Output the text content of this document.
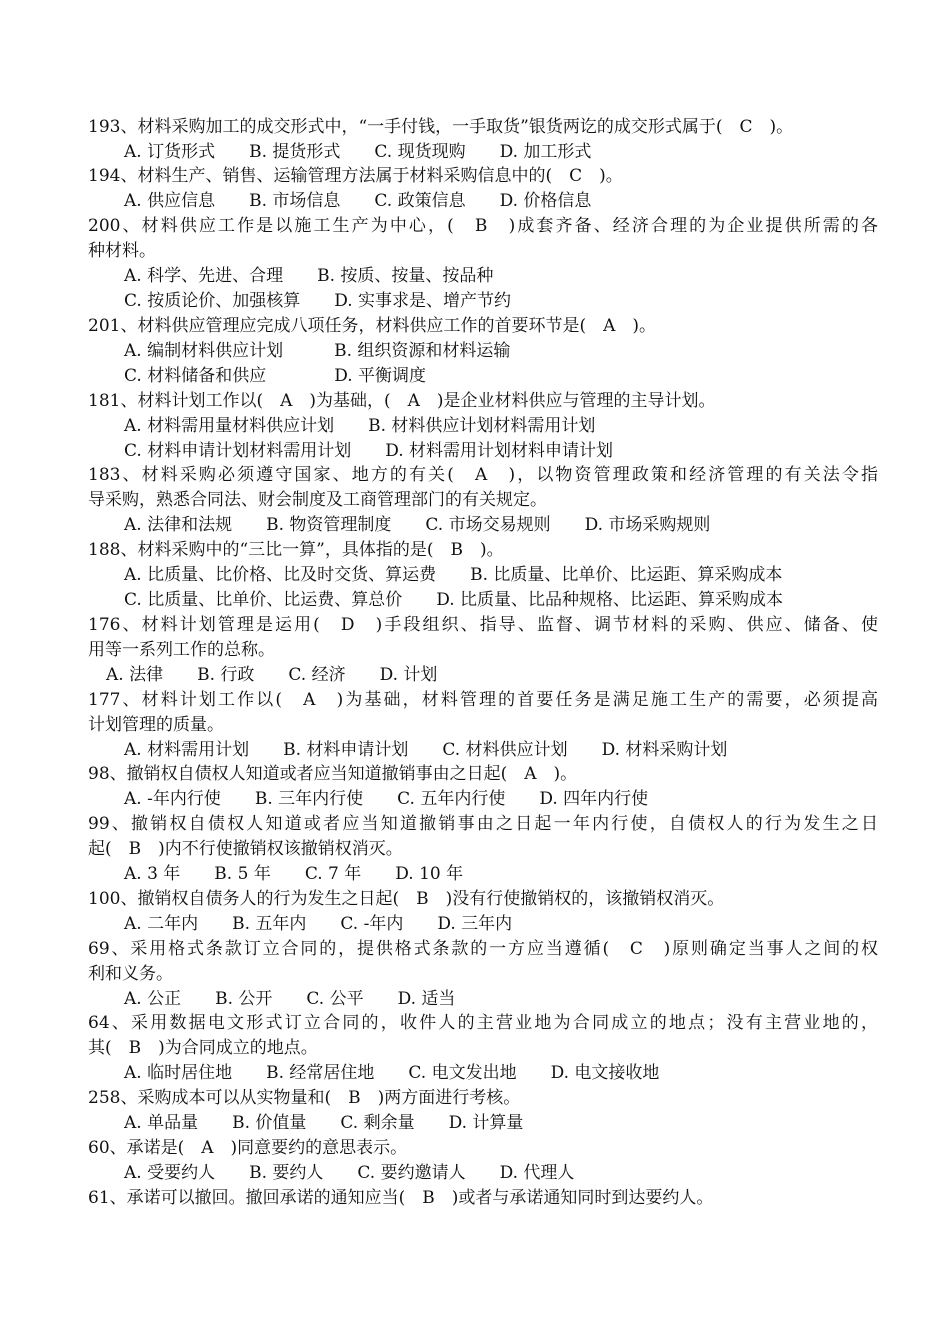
193、材料采购加工的成交形式中，“一手付钱，一手取货”银货两讫的成交形式属于(　C　)。
A. 订货形式　　B. 提货形式　　C. 现货现购　　D. 加工形式
194、材料生产、销售、运输管理方法属于材料采购信息中的(　C　)。
A. 供应信息　　B. 市场信息　　C. 政策信息　　D. 价格信息
200、材料供应工作是以施工生产为中心，(　B　)成套齐备、经济合理的为企业提供所需的各
种材料。
A. 科学、先进、合理　　B. 按质、按量、按品种
C. 按质论价、加强核算　　D. 实事求是、增产节约
201、材料供应管理应完成八项任务，材料供应工作的首要环节是(　A　)。
A. 编制材料供应计划　　　B. 组织资源和材料运输
C. 材料储备和供应　　　　D. 平衡调度
181、材料计划工作以(　A　)为基础，(　A　)是企业材料供应与管理的主导计划。
A. 材料需用量材料供应计划　　B. 材料供应计划材料需用计划
C. 材料申请计划材料需用计划　　D. 材料需用计划材料申请计划
183、材料采购必须遵守国家、地方的有关(　A　)，以物资管理政策和经济管理的有关法令指
导采购，熟悉合同法、财会制度及工商管理部门的有关规定。
A. 法律和法规　　B. 物资管理制度　　C. 市场交易规则　　D. 市场采购规则
188、材料采购中的“三比一算”，具体指的是(　B　)。
A. 比质量、比价格、比及时交货、算运费　　B. 比质量、比单价、比运距、算采购成本
C. 比质量、比单价、比运费、算总价　　D. 比质量、比品种规格、比运距、算采购成本
176、材料计划管理是运用(　D　)手段组织、指导、监督、调节材料的采购、供应、储备、使
用等一系列工作的总称。
A. 法律　　B. 行政　　C. 经济　　D. 计划
177、材料计划工作以(　A　)为基础，材料管理的首要任务是满足施工生产的需要，必须提高
计划管理的质量。
A. 材料需用计划　　B. 材料申请计划　　C. 材料供应计划　　D. 材料采购计划
98、撤销权自债权人知道或者应当知道撤销事由之日起(　A　)。
A. -年内行使　　B. 三年内行使　　C. 五年内行使　　D. 四年内行使
99、撤销权自债权人知道或者应当知道撤销事由之日起一年内行使，自债权人的行为发生之日
起(　B　)内不行使撤销权该撤销权消灭。
A. 3 年　　B. 5 年　　C. 7 年　　D. 10 年
100、撤销权自债务人的行为发生之日起(　B　)没有行使撤销权的，该撤销权消灭。
A. 二年内　　B. 五年内　　C. -年内　　D. 三年内
69、采用格式条款订立合同的，提供格式条款的一方应当遵循(　C　)原则确定当事人之间的权
利和义务。
A. 公正　　B. 公开　　C. 公平　　D. 适当
64、采用数据电文形式订立合同的，收件人的主营业地为合同成立的地点；没有主营业地的，
其(　B　)为合同成立的地点。
A. 临时居住地　　B. 经常居住地　　C. 电文发出地　　D. 电文接收地
258、采购成本可以从实物量和(　B　)两方面进行考核。
A. 单品量　　B. 价值量　　C. 剩余量　　D. 计算量
60、承诺是(　A　)同意要约的意思表示。
A. 受要约人　　B. 要约人　　C. 要约邀请人　　D. 代理人
61、承诺可以撤回。撤回承诺的通知应当(　B　)或者与承诺通知同时到达要约人。
